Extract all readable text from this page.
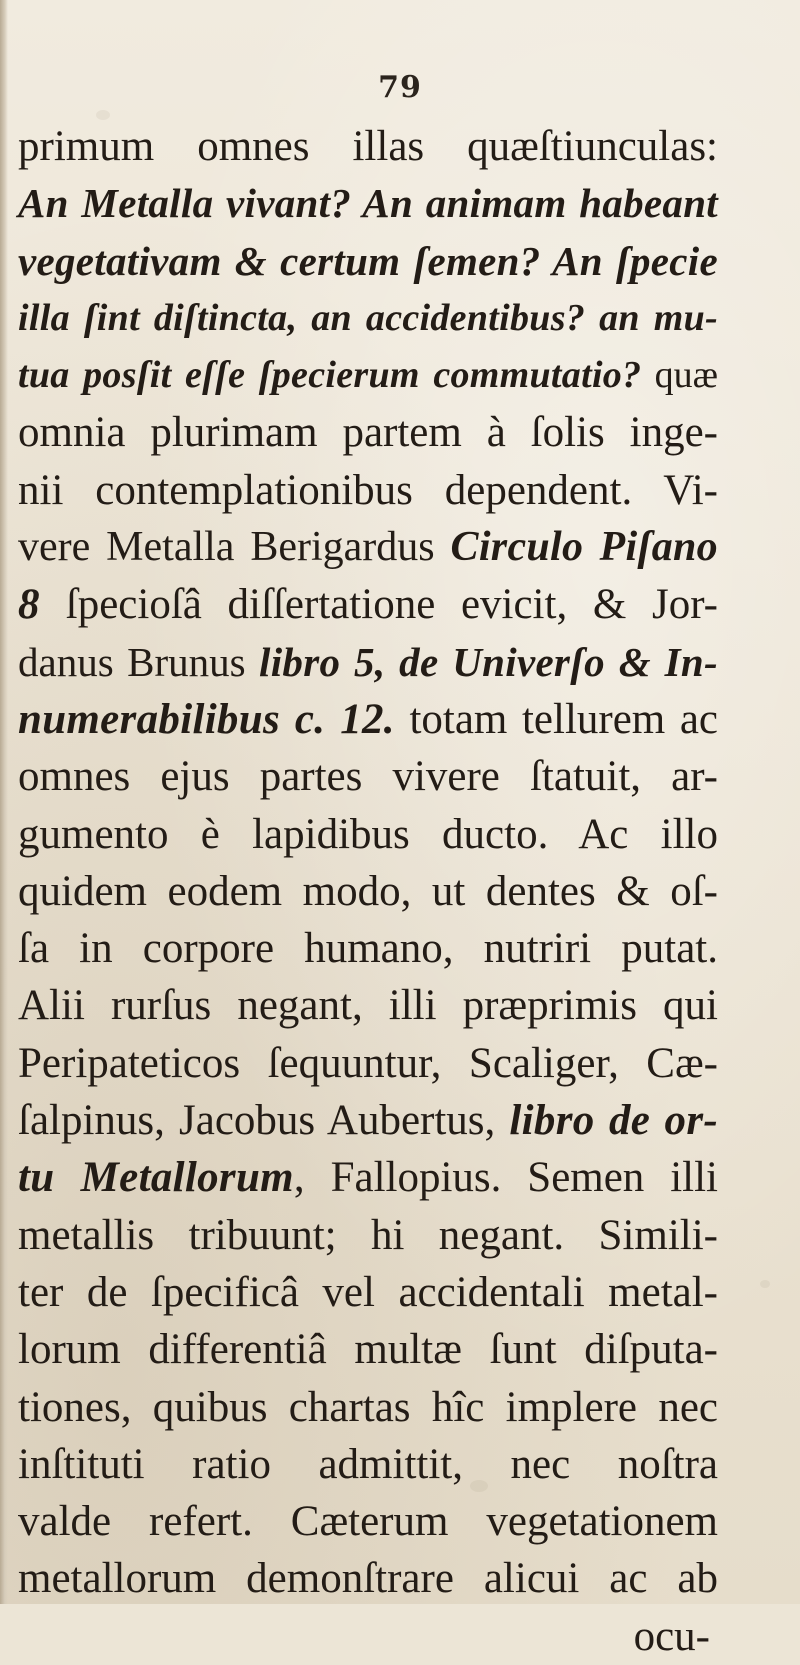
79
primum omnes illas quæſtiunculas:
An Metalla vivant? An animam habeant
vegetativam & certum ſemen? An ſpecie
illa ſint diſtincta, an accidentibus? an mu-
tua posſit eſſe ſpecierum commutatio? quæ
omnia plurimam partem à ſolis inge-
nii contemplationibus dependent. Vi-
vere Metalla Berigardus Circulo Piſano
8 ſpecioſâ diſſertatione evicit, & Jor-
danus Brunus libro 5, de Univerſo & In-
numerabilibus c. 12. totam tellurem ac
omnes ejus partes vivere ſtatuit, ar-
gumento è lapidibus ducto. Ac illo
quidem eodem modo, ut dentes & oſ-
ſa in corpore humano, nutriri putat.
Alii rurſus negant, illi præprimis qui
Peripateticos ſequuntur, Scaliger, Cæ-
ſalpinus, Jacobus Aubertus, libro de or-
tu Metallorum, Fallopius. Semen illi
metallis tribuunt; hi negant. Simili-
ter de ſpecificâ vel accidentali metal-
lorum differentiâ multæ ſunt diſputa-
tiones, quibus chartas hîc implere nec
inſtituti ratio admittit, nec noſtra
valde refert. Cæterum vegetationem
metallorum demonſtrare alicui ac ab
ocu-
